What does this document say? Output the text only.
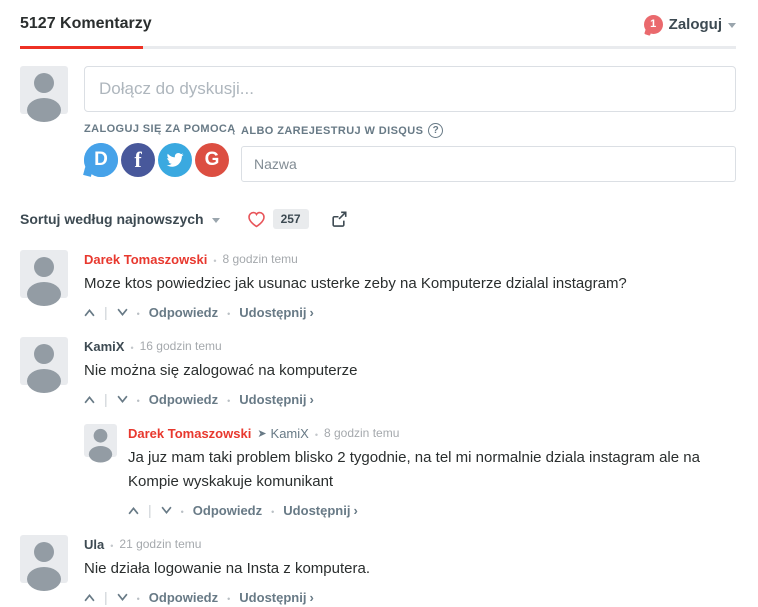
5127 Komentarzy	1 Zaloguj
Dołącz do dyskusji...
ZALOGUJ SIĘ ZA POMOCĄ
D f	G
ALBO ZAREJESTRUJ W DISQUS ?
Nazwa
Sortuj według najnowszych	257
Darek Tomaszowski • 8 godzin temu
Moze ktos powiedziec jak usunac usterke zeby na Komputerze dzialal instagram?
| •	Odpowiedz • Udostępnij ›
KamiX • 16 godzin temu
Nie można się zalogować na komputerze
| •	Odpowiedz • Udostępnij ›
Darek Tomaszowski ➤ KamiX • 8 godzin temu
Ja juz mam taki problem blisko 2 tygodnie, na tel mi normalnie dziala instagram ale na Kompie wyskakuje komunikant
| •	Odpowiedz • Udostępnij ›
Ula • 21 godzin temu
Nie działa logowanie na Insta z komputera.
| •	Odpowiedz • Udostępnij ›
